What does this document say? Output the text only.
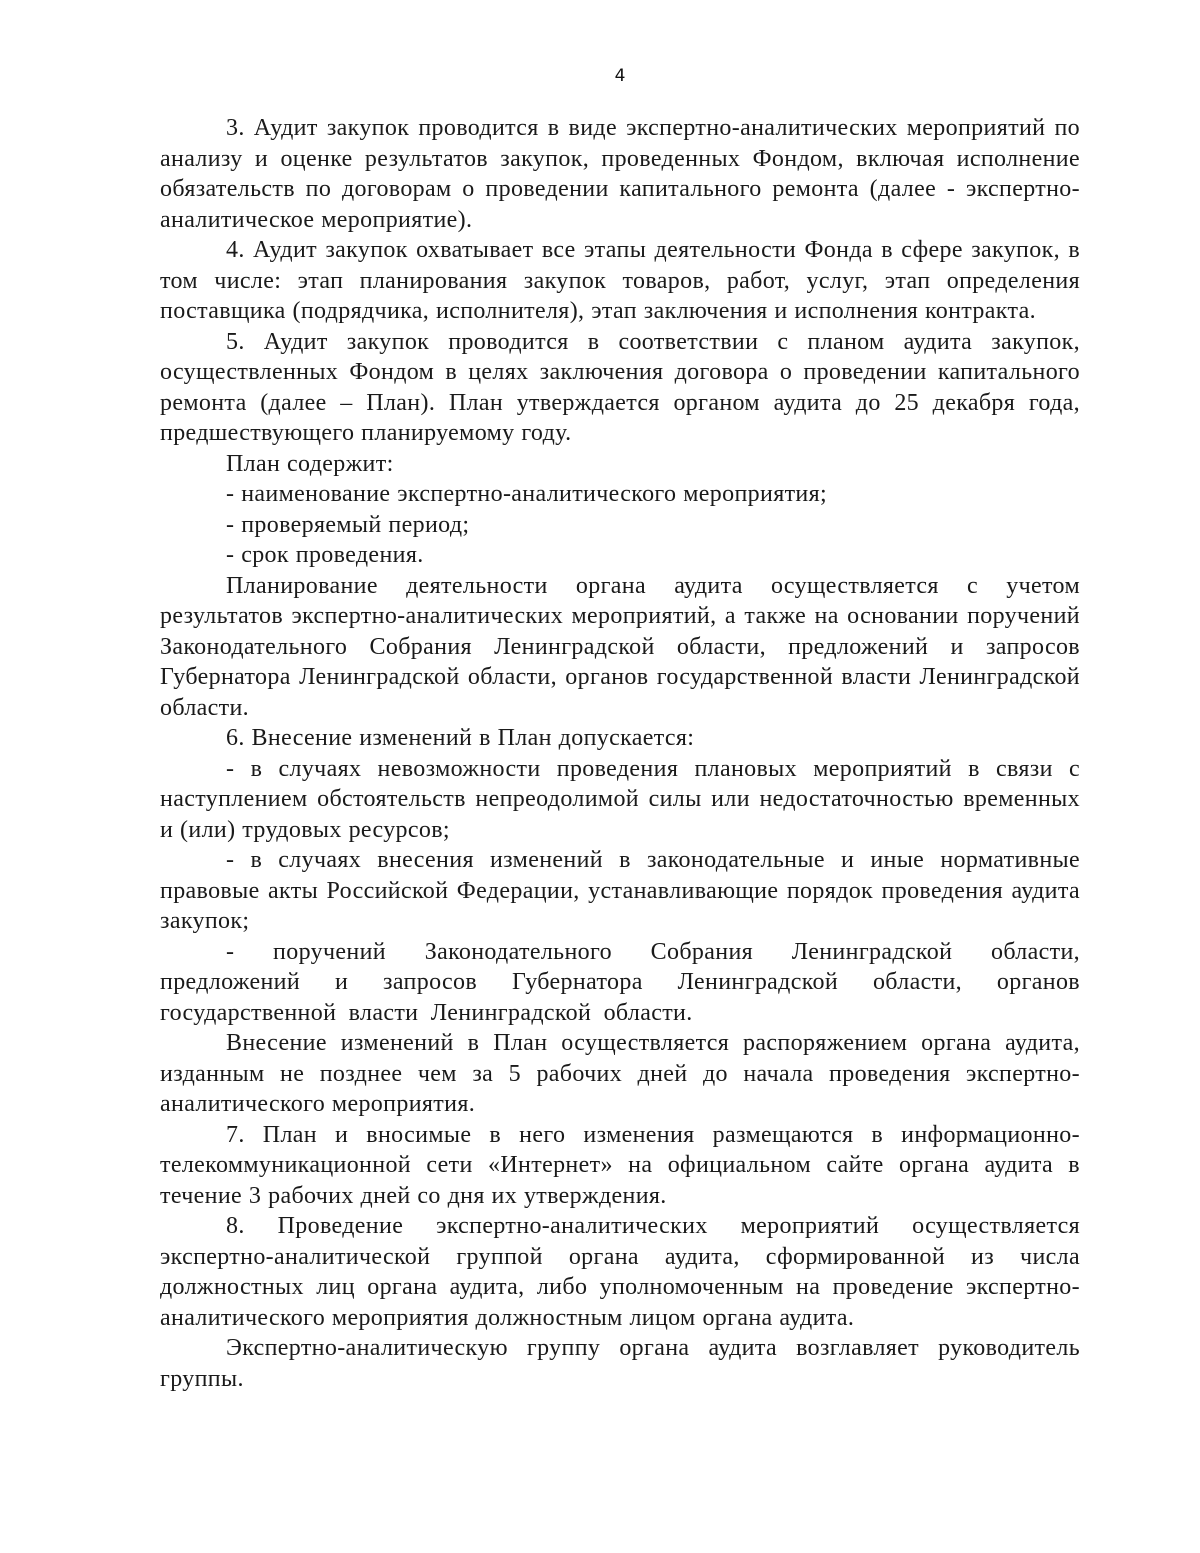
4

3. Аудит закупок проводится в виде экспертно-аналитических мероприятий по анализу и оценке результатов закупок, проведенных Фондом, включая исполнение обязательств по договорам о проведении капитального ремонта (далее - экспертно-аналитическое мероприятие).

4. Аудит закупок охватывает все этапы деятельности Фонда в сфере закупок, в том числе: этап планирования закупок товаров, работ, услуг, этап определения поставщика (подрядчика, исполнителя), этап заключения и исполнения контракта.

5. Аудит закупок проводится в соответствии с планом аудита закупок, осуществленных Фондом в целях заключения договора о проведении капитального ремонта (далее – План). План утверждается органом аудита до 25 декабря года, предшествующего планируемому году.

План содержит:

- наименование экспертно-аналитического мероприятия;

- проверяемый период;

- срок проведения.

Планирование деятельности органа аудита осуществляется с учетом результатов экспертно-аналитических мероприятий, а также на основании поручений Законодательного Собрания Ленинградской области, предложений и запросов Губернатора Ленинградской области, органов государственной власти Ленинградской области.

6. Внесение изменений в План допускается:

- в случаях невозможности проведения плановых мероприятий в связи с наступлением обстоятельств непреодолимой силы или недостаточностью временных и (или) трудовых ресурсов;

- в случаях внесения изменений в законодательные и иные нормативные правовые акты Российской Федерации, устанавливающие порядок проведения аудита закупок;

- поручений Законодательного Собрания Ленинградской области, предложений и запросов Губернатора Ленинградской области, органов государственной власти Ленинградской области.

Внесение изменений в План осуществляется распоряжением органа аудита, изданным не позднее чем за 5 рабочих дней до начала проведения экспертно-аналитического мероприятия.

7. План и вносимые в него изменения размещаются в информационно-телекоммуникационной сети «Интернет» на официальном сайте органа аудита в течение 3 рабочих дней со дня их утверждения.

8. Проведение экспертно-аналитических мероприятий осуществляется экспертно-аналитической группой органа аудита, сформированной из числа должностных лиц органа аудита, либо уполномоченным на проведение экспертно-аналитического мероприятия должностным лицом органа аудита.

Экспертно-аналитическую группу органа аудита возглавляет руководитель группы.
